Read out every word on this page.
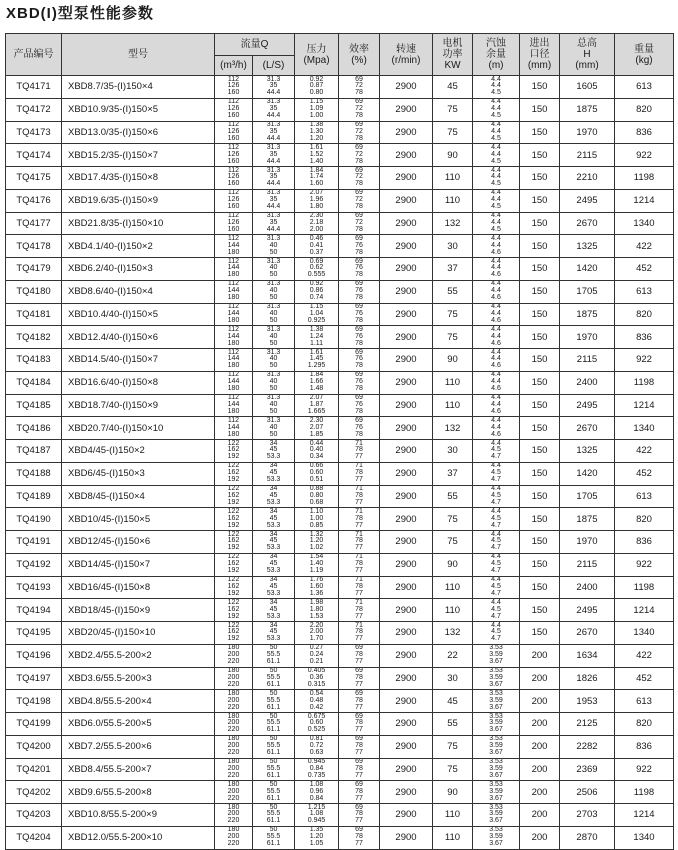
XBD(I)型泵性能参数
产品编号	型号	流量Q		压力
(Mpa)	效率
(%)	转速
(r/min)	电机
功率
KW	汽蚀
余量
(m)	进出
口径
(mm)	总高
H
(mm)	重量
(kg)

		(m³/h)	(L/S)								
TQ4171	XBD8.7/35-(I)150×4	112
126
160	31.3
35
44.4	0.92
0.87
0.80	69
72
78	2900	45	4.4
4.4
4.5	150	1605	613
TQ4172	XBD10.9/35-(I)150×5	112
126
160	31.3
35
44.4	1.15
1.09
1.00	69
72
78	2900	75	4.4
4.4
4.5	150	1875	820
TQ4173	XBD13.0/35-(I)150×6	112
126
160	31.3
35
44.4	1.38
1.30
1.20	69
72
78	2900	75	4.4
4.4
4.5	150	1970	836
TQ4174	XBD15.2/35-(I)150×7	112
126
160	31.3
35
44.4	1.61
1.52
1.40	69
72
78	2900	90	4.4
4.4
4.5	150	2115	922
TQ4175	XBD17.4/35-(I)150×8	112
126
160	31.3
35
44.4	1.84
1.74
1.60	69
72
78	2900	110	4.4
4.4
4.5	150	2210	1198
TQ4176	XBD19.6/35-(I)150×9	112
126
160	31.3
35
44.4	2.07
1.96
1.80	69
72
78	2900	110	4.4
4.4
4.5	150	2495	1214
TQ4177	XBD21.8/35-(I)150×10	112
126
160	31.3
35
44.4	2.30
2.18
2.00	69
72
78	2900	132	4.4
4.4
4.5	150	2670	1340
TQ4178	XBD4.1/40-(I)150×2	112
144
180	31.3
40
50	0.46
0.41
0.37	69
76
78	2900	30	4.4
4.4
4.6	150	1325	422
TQ4179	XBD6.2/40-(I)150×3	112
144
180	31.3
40
50	0.69
0.62
0.555	69
76
78	2900	37	4.4
4.4
4.6	150	1420	452
TQ4180	XBD8.6/40-(I)150×4	112
144
180	31.3
40
50	0.92
0.86
0.74	69
76
78	2900	55	4.4
4.4
4.6	150	1705	613
TQ4181	XBD10.4/40-(I)150×5	112
144
180	31.3
40
50	1.15
1.04
0.925	69
76
78	2900	75	4.4
4.4
4.6	150	1875	820
TQ4182	XBD12.4/40-(I)150×6	112
144
180	31.3
40
50	1.38
1.24
1.11	69
76
78	2900	75	4.4
4.4
4.6	150	1970	836
TQ4183	XBD14.5/40-(I)150×7	112
144
180	31.3
40
50	1.61
1.45
1.295	69
76
78	2900	90	4.4
4.4
4.6	150	2115	922
TQ4184	XBD16.6/40-(I)150×8	112
144
180	31.3
40
50	1.84
1.66
1.48	69
76
78	2900	110	4.4
4.4
4.6	150	2400	1198
TQ4185	XBD18.7/40-(I)150×9	112
144
180	31.3
40
50	2.07
1.87
1.665	69
76
78	2900	110	4.4
4.4
4.6	150	2495	1214
TQ4186	XBD20.7/40-(I)150×10	112
144
180	31.3
40
50	2.30
2.07
1.85	69
76
78	2900	132	4.4
4.4
4.6	150	2670	1340
TQ4187	XBD4/45-(I)150×2	122
162
192	34
45
53.3	0.44
0.40
0.34	71
78
77	2900	30	4.4
4.5
4.7	150	1325	422
TQ4188	XBD6/45-(I)150×3	122
162
192	34
45
53.3	0.66
0.60
0.51	71
78
77	2900	37	4.4
4.5
4.7	150	1420	452
TQ4189	XBD8/45-(I)150×4	122
162
192	34
45
53.3	0.88
0.80
0.68	71
78
77	2900	55	4.4
4.5
4.7	150	1705	613
TQ4190	XBD10/45-(I)150×5	122
162
192	34
45
53.3	1.10
1.00
0.85	71
78
77	2900	75	4.4
4.5
4.7	150	1875	820
TQ4191	XBD12/45-(I)150×6	122
162
192	34
45
53.3	1.32
1.20
1.02	71
78
77	2900	75	4.4
4.5
4.7	150	1970	836
TQ4192	XBD14/45-(I)150×7	122
162
192	34
45
53.3	1.54
1.40
1.19	71
78
77	2900	90	4.4
4.5
4.7	150	2115	922
TQ4193	XBD16/45-(I)150×8	122
162
192	34
45
53.3	1.76
1.60
1.36	71
78
77	2900	110	4.4
4.5
4.7	150	2400	1198
TQ4194	XBD18/45-(I)150×9	122
162
192	34
45
53.3	1.98
1.80
1.53	71
78
77	2900	110	4.4
4.5
4.7	150	2495	1214
TQ4195	XBD20/45-(I)150×10	122
162
192	34
45
53.3	2.20
2.00
1.70	71
78
77	2900	132	4.4
4.5
4.7	150	2670	1340
TQ4196	XBD2.4/55.5-200×2	180
200
220	50
55.5
61.1	0.27
0.24
0.21	69
78
77	2900	22	3.53
3.59
3.67	200	1634	422
TQ4197	XBD3.6/55.5-200×3	180
200
220	50
55.5
61.1	0.405
0.36
0.315	69
78
77	2900	30	3.53
3.59
3.67	200	1826	452
TQ4198	XBD4.8/55.5-200×4	180
200
220	50
55.5
61.1	0.54
0.48
0.42	69
78
77	2900	45	3.53
3.59
3.67	200	1953	613
TQ4199	XBD6.0/55.5-200×5	180
200
220	50
55.5
61.1	0.675
0.60
0.525	69
78
77	2900	55	3.53
3.59
3.67	200	2125	820
TQ4200	XBD7.2/55.5-200×6	180
200
220	50
55.5
61.1	0.81
0.72
0.63	69
78
77	2900	75	3.53
3.59
3.67	200	2282	836
TQ4201	XBD8.4/55.5-200×7	180
200
220	50
55.5
61.1	0.945
0.84
0.735	69
78
77	2900	75	3.53
3.59
3.67	200	2369	922
TQ4202	XBD9.6/55.5-200×8	180
200
220	50
55.5
61.1	1.08
0.96
0.84	69
78
77	2900	90	3.53
3.59
3.67	200	2506	1198
TQ4203	XBD10.8/55.5-200×9	180
200
220	50
55.5
61.1	1.215
1.08
0.945	69
78
77	2900	110	3.53
3.59
3.67	200	2703	1214
TQ4204	XBD12.0/55.5-200×10	180
200
220	50
55.5
61.1	1.35
1.20
1.05	69
78
77	2900	110	3.53
3.59
3.67	200	2870	1340
